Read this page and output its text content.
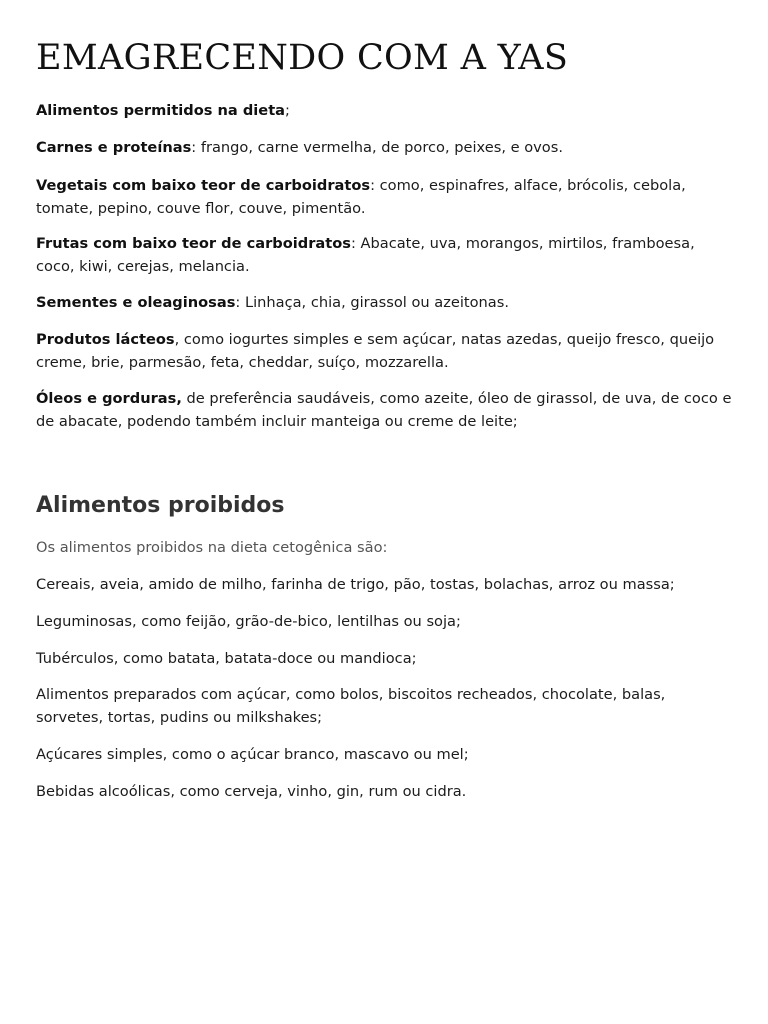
EMAGRECENDO COM A YAS

Alimentos permitidos na dieta;

Carnes e proteínas: frango, carne vermelha, de porco, peixes, e ovos.

Vegetais com baixo teor de carboidratos: como, espinafres, alface, brócolis, cebola, tomate, pepino, couve flor, couve, pimentão.

Frutas com baixo teor de carboidratos: Abacate, uva, morangos, mirtilos, framboesa, coco, kiwi, cerejas, melancia.

Sementes e oleaginosas: Linhaça, chia, girassol ou azeitonas.

Produtos lácteos, como iogurtes simples e sem açúcar, natas azedas, queijo fresco, queijo creme, brie, parmesão, feta, cheddar, suíço, mozzarella.

Óleos e gorduras, de preferência saudáveis, como azeite, óleo de girassol, de uva, de coco e de abacate, podendo também incluir manteiga ou creme de leite;

Alimentos proibidos

Os alimentos proibidos na dieta cetogênica são:

Cereais, aveia, amido de milho, farinha de trigo, pão, tostas, bolachas, arroz ou massa;

Leguminosas, como feijão, grão-de-bico, lentilhas ou soja;

Tubérculos, como batata, batata-doce ou mandioca;

Alimentos preparados com açúcar, como bolos, biscoitos recheados, chocolate, balas, sorvetes, tortas, pudins ou milkshakes;

Açúcares simples, como o açúcar branco, mascavo ou mel;

Bebidas alcoólicas, como cerveja, vinho, gin, rum ou cidra.
